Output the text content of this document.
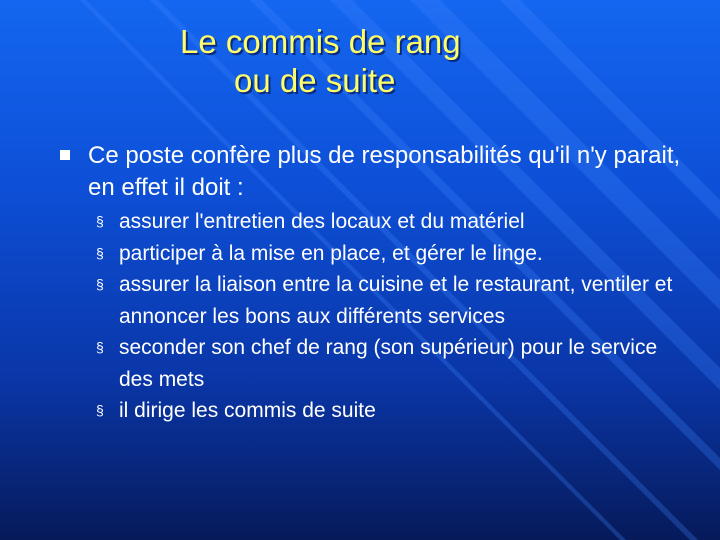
Le commis de rang
ou de suite
Ce poste confère plus de responsabilités qu'il n'y parait, en effet il doit :
§ assurer l'entretien des locaux et du matériel
§ participer à la mise en place, et gérer le linge.
§ assurer la liaison entre la cuisine et le restaurant, ventiler et annoncer les bons aux différents services
§ seconder son chef de rang (son supérieur) pour le service des mets
§ il dirige les commis de suite
